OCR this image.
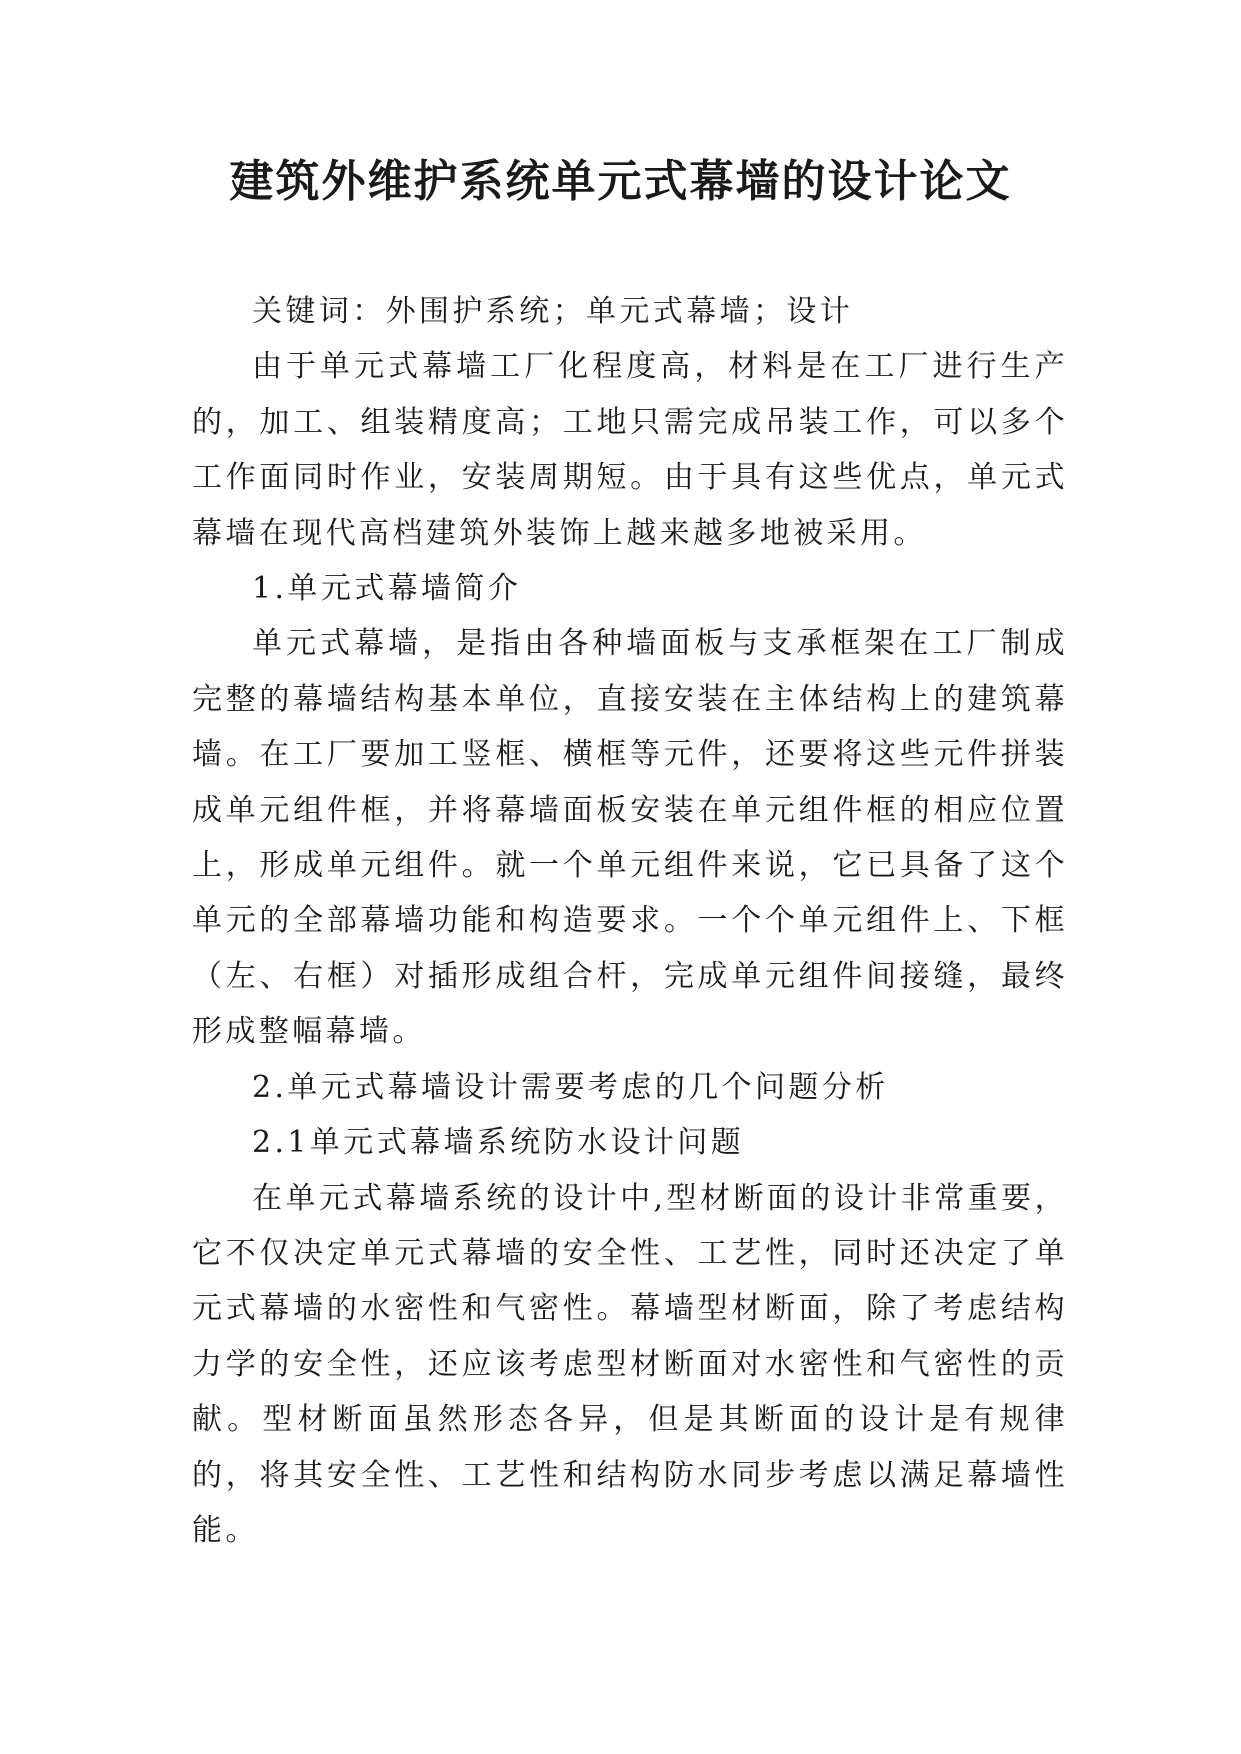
建筑外维护系统单元式幕墙的设计论文

关键词：外围护系统；单元式幕墙；设计

由于单元式幕墙工厂化程度高，材料是在工厂进行生产的，加工、组装精度高；工地只需完成吊装工作，可以多个工作面同时作业，安装周期短。由于具有这些优点，单元式幕墙在现代高档建筑外装饰上越来越多地被采用。

1.单元式幕墙简介

单元式幕墙，是指由各种墙面板与支承框架在工厂制成完整的幕墙结构基本单位，直接安装在主体结构上的建筑幕墙。在工厂要加工竖框、横框等元件，还要将这些元件拼装成单元组件框，并将幕墙面板安装在单元组件框的相应位置上，形成单元组件。就一个单元组件来说，它已具备了这个单元的全部幕墙功能和构造要求。一个个单元组件上、下框（左、右框）对插形成组合杆，完成单元组件间接缝，最终形成整幅幕墙。

2.单元式幕墙设计需要考虑的几个问题分析

2.1单元式幕墙系统防水设计问题

在单元式幕墙系统的设计中,型材断面的设计非常重要，它不仅决定单元式幕墙的安全性、工艺性，同时还决定了单元式幕墙的水密性和气密性。幕墙型材断面，除了考虑结构力学的安全性，还应该考虑型材断面对水密性和气密性的贡献。型材断面虽然形态各异，但是其断面的设计是有规律的，将其安全性、工艺性和结构防水同步考虑以满足幕墙性能。
